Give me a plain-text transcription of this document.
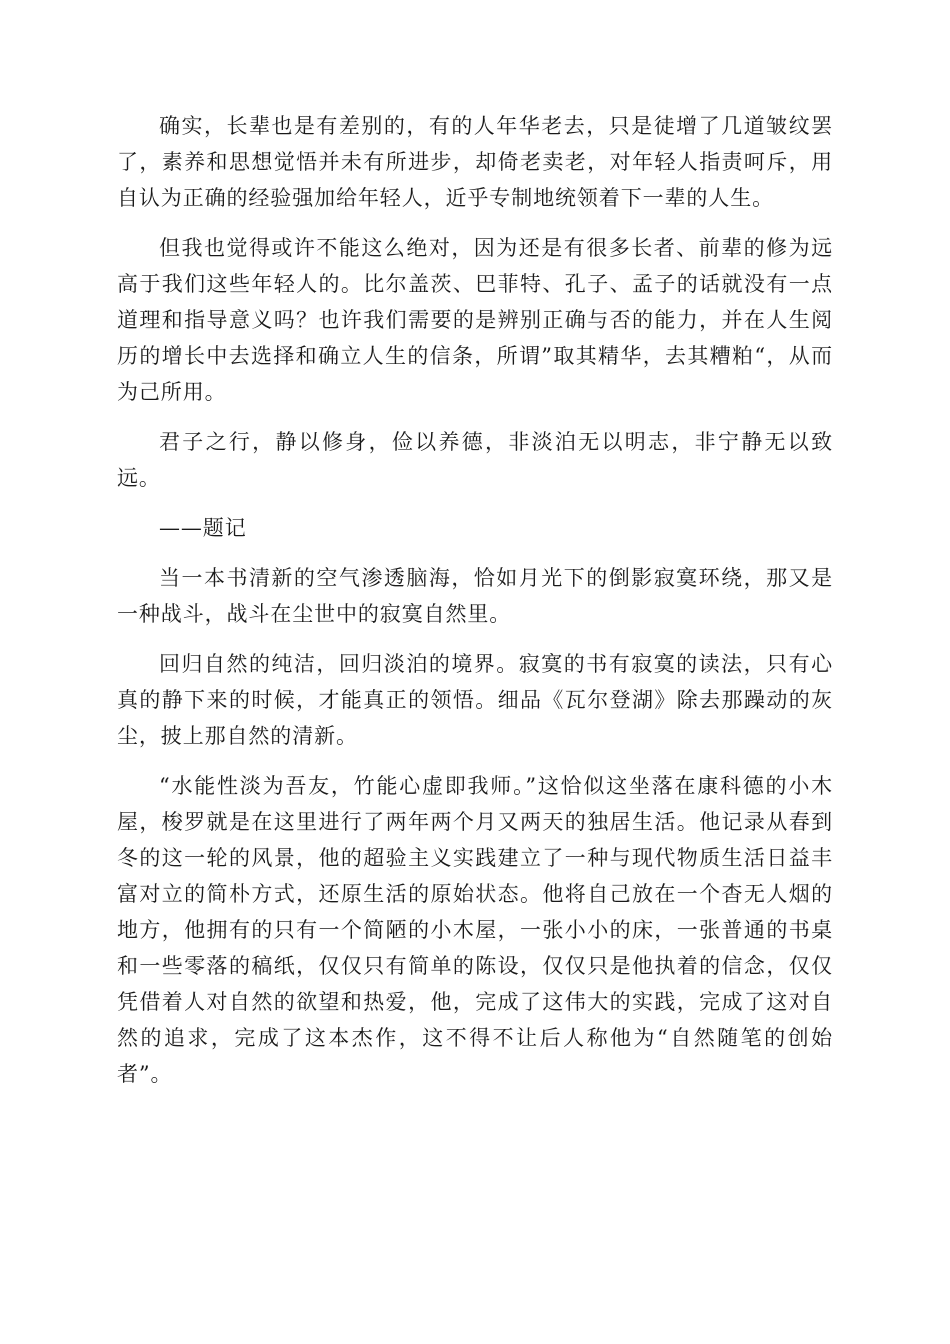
确实，长辈也是有差别的，有的人年华老去，只是徒增了几道皱纹罢了，素养和思想觉悟并未有所进步，却倚老卖老，对年轻人指责呵斥，用自认为正确的经验强加给年轻人，近乎专制地统领着下一辈的人生。

但我也觉得或许不能这么绝对，因为还是有很多长者、前辈的修为远高于我们这些年轻人的。比尔盖茨、巴菲特、孔子、孟子的话就没有一点道理和指导意义吗？也许我们需要的是辨别正确与否的能力，并在人生阅历的增长中去选择和确立人生的信条，所谓”取其精华，去其糟粕“，从而为己所用。

君子之行，静以修身，俭以养德，非淡泊无以明志，非宁静无以致远。

——题记

当一本书清新的空气渗透脑海，恰如月光下的倒影寂寞环绕，那又是一种战斗，战斗在尘世中的寂寞自然里。

回归自然的纯洁，回归淡泊的境界。寂寞的书有寂寞的读法，只有心真的静下来的时候，才能真正的领悟。细品《瓦尔登湖》除去那躁动的灰尘，披上那自然的清新。

“水能性淡为吾友，竹能心虚即我师。”这恰似这坐落在康科德的小木屋，梭罗就是在这里进行了两年两个月又两天的独居生活。他记录从春到冬的这一轮的风景，他的超验主义实践建立了一种与现代物质生活日益丰富对立的简朴方式，还原生活的原始状态。他将自己放在一个杳无人烟的地方，他拥有的只有一个简陋的小木屋，一张小小的床，一张普通的书桌和一些零落的稿纸，仅仅只有简单的陈设，仅仅只是他执着的信念，仅仅凭借着人对自然的欲望和热爱，他，完成了这伟大的实践，完成了这对自然的追求，完成了这本杰作，这不得不让后人称他为“自然随笔的创始者”。
